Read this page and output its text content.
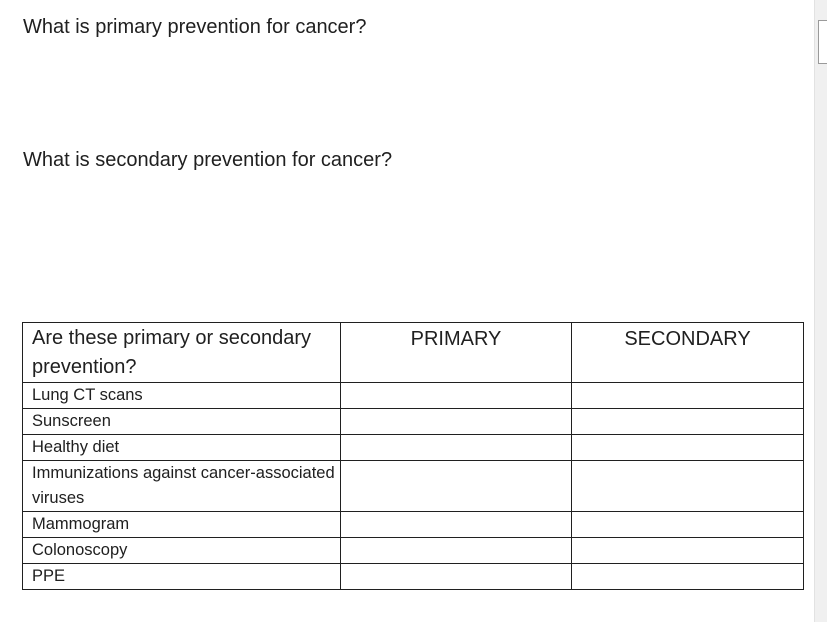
What is primary prevention for cancer?
What is secondary prevention for cancer?
Are these primary or secondary prevention?	PRIMARY	SECONDARY
Lung CT scans		
Sunscreen		
Healthy diet		
Immunizations against cancer-associated viruses		
Mammogram		
Colonoscopy		
PPE		
